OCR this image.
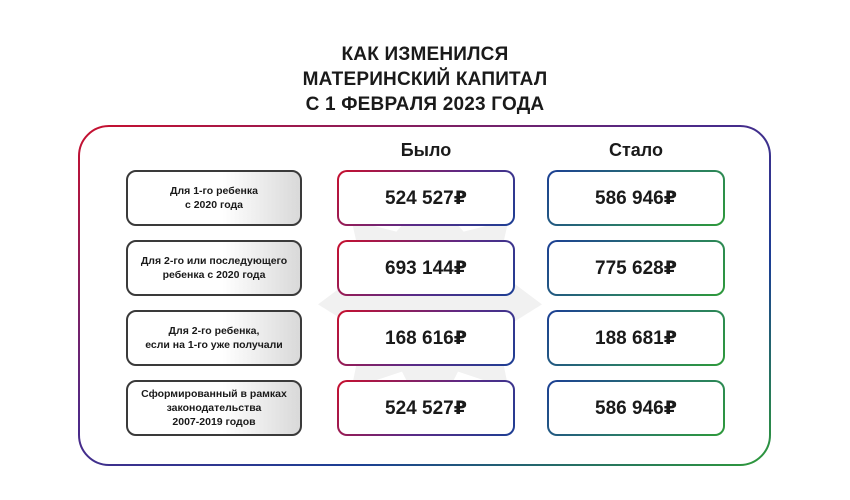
КАК ИЗМЕНИЛСЯ
МАТЕРИНСКИЙ КАПИТАЛ
С 1 ФЕВРАЛЯ 2023 ГОДА
Было	Стало
Для 1-го ребенка
с 2020 года	524 527₽	586 946₽
Для 2-го или последующего
ребенка с 2020 года	693 144₽	775 628₽
Для 2-го ребенка,
если на 1-го уже получали	168 616₽	188 681₽
Сформированный в рамках
законодательства
2007-2019 годов
524 527₽	586 946₽
